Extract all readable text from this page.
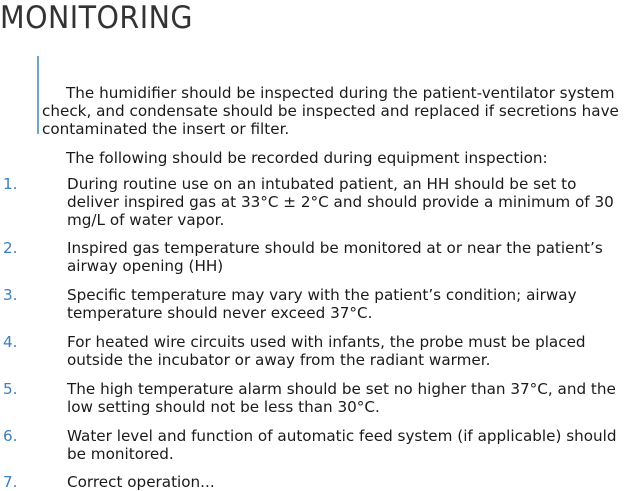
MONITORING
The humidifier should be inspected during the patient-ventilator system check, and condensate should be inspected and replaced if secretions have contaminated the insert or filter.
The following should be recorded during equipment inspection:
1.	During routine use on an intubated patient, an HH should be set to deliver inspired gas at 33°C ± 2°C and should provide a minimum of 30 mg/L of water vapor.
2.	Inspired gas temperature should be monitored at or near the patient’s airway opening (HH)
3.	Specific temperature may vary with the patient’s condition; airway temperature should never exceed 37°C.
4.	For heated wire circuits used with infants, the probe must be placed outside the incubator or away from the radiant warmer.
5.	The high temperature alarm should be set no higher than 37°C, and the low setting should not be less than 30°C.
6.	Water level and function of automatic feed system (if applicable) should be monitored.
7.	Correct operation...
